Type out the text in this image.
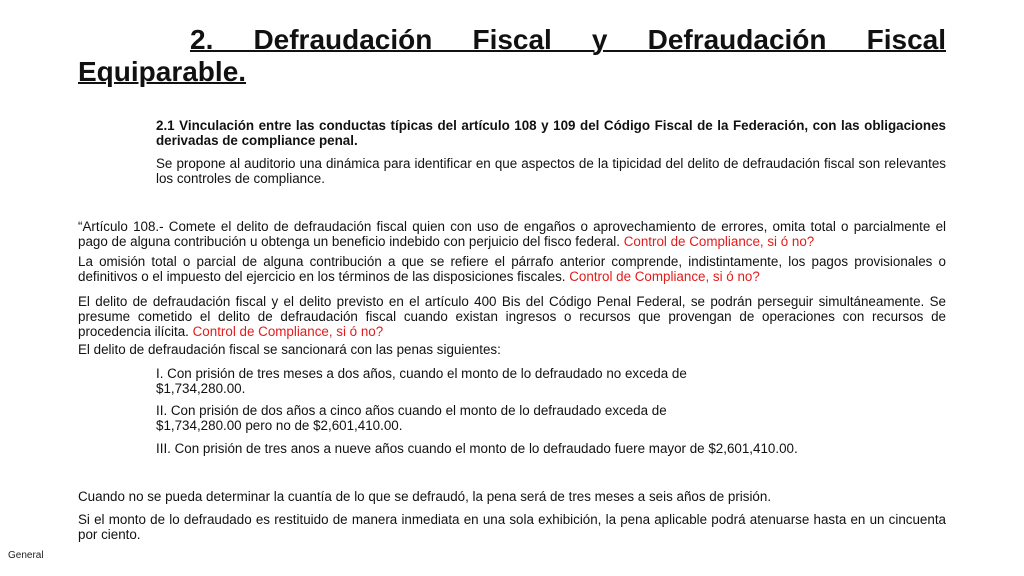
2. Defraudación Fiscal y Defraudación Fiscal Equiparable.

2.1 Vinculación entre las conductas típicas del artículo 108 y 109 del Código Fiscal de la Federación, con las obligaciones derivadas de compliance penal.

Se propone al auditorio una dinámica para identificar en que aspectos de la tipicidad del delito de defraudación fiscal son relevantes los controles de compliance.

“Artículo 108.- Comete el delito de defraudación fiscal quien con uso de engaños o aprovechamiento de errores, omita total o parcialmente el pago de alguna contribución u obtenga un beneficio indebido con perjuicio del fisco federal. Control de Compliance, si ó no?

La omisión total o parcial de alguna contribución a que se refiere el párrafo anterior comprende, indistintamente, los pagos provisionales o definitivos o el impuesto del ejercicio en los términos de las disposiciones fiscales. Control de Compliance, si ó no?

El delito de defraudación fiscal y el delito previsto en el artículo 400 Bis del Código Penal Federal, se podrán perseguir simultáneamente. Se presume cometido el delito de defraudación fiscal cuando existan ingresos o recursos que provengan de operaciones con recursos de procedencia ilícita. Control de Compliance, si ó no?

El delito de defraudación fiscal se sancionará con las penas siguientes:

I. Con prisión de tres meses a dos años, cuando el monto de lo defraudado no exceda de
$1,734,280.00.
II. Con prisión de dos años a cinco años cuando el monto de lo defraudado exceda de
$1,734,280.00 pero no de $2,601,410.00.
III. Con prisión de tres anos a nueve años cuando el monto de lo defraudado fuere mayor de $2,601,410.00.

Cuando no se pueda determinar la cuantía de lo que se defraudó, la pena será de tres meses a seis años de prisión.

Si el monto de lo defraudado es restituido de manera inmediata en una sola exhibición, la pena aplicable podrá atenuarse hasta en un cincuenta por ciento.

General
